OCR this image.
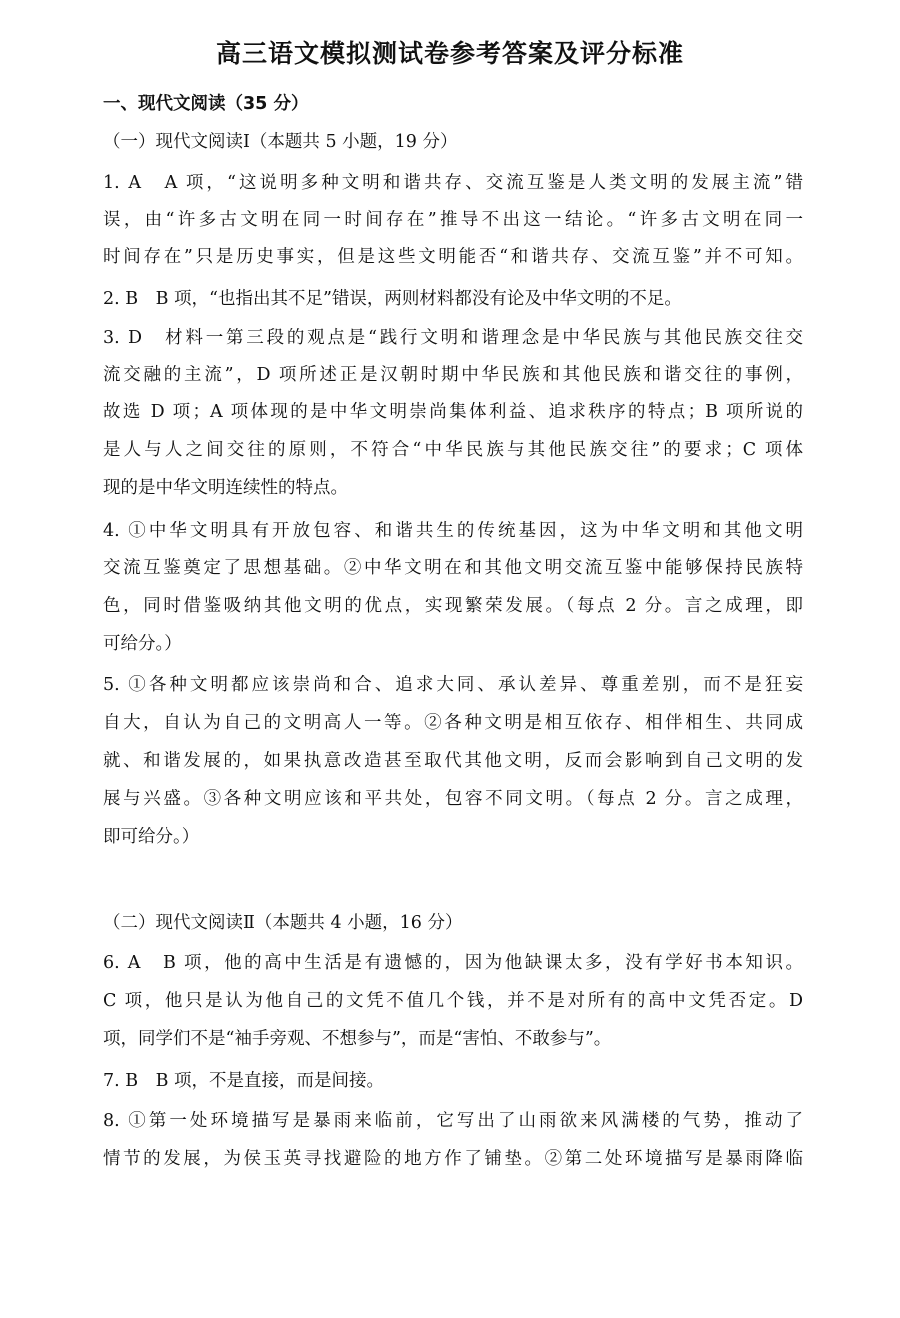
高三语文模拟测试卷参考答案及评分标准
一、现代文阅读（35 分）
（一）现代文阅读Ⅰ（本题共 5 小题，19 分）
1. A　A 项，“这说明多种文明和谐共存、交流互鉴是人类文明的发展主流”错
误，由“许多古文明在同一时间存在”推导不出这一结论。“许多古文明在同一
时间存在”只是历史事实，但是这些文明能否“和谐共存、交流互鉴”并不可知。
2. B　B 项，“也指出其不足”错误，两则材料都没有论及中华文明的不足。
3. D　材料一第三段的观点是“践行文明和谐理念是中华民族与其他民族交往交
流交融的主流”，D 项所述正是汉朝时期中华民族和其他民族和谐交往的事例，
故选 D 项；A 项体现的是中华文明崇尚集体利益、追求秩序的特点；B 项所说的
是人与人之间交往的原则，不符合“中华民族与其他民族交往”的要求；C 项体
现的是中华文明连续性的特点。
4. ①中华文明具有开放包容、和谐共生的传统基因，这为中华文明和其他文明
交流互鉴奠定了思想基础。②中华文明在和其他文明交流互鉴中能够保持民族特
色，同时借鉴吸纳其他文明的优点，实现繁荣发展。（每点 2 分。言之成理，即
可给分。）
5. ①各种文明都应该崇尚和合、追求大同、承认差异、尊重差别，而不是狂妄
自大，自认为自己的文明高人一等。②各种文明是相互依存、相伴相生、共同成
就、和谐发展的，如果执意改造甚至取代其他文明，反而会影响到自己文明的发
展与兴盛。③各种文明应该和平共处，包容不同文明。（每点 2 分。言之成理，
即可给分。）
（二）现代文阅读Ⅱ（本题共 4 小题，16 分）
6. A　B 项，他的高中生活是有遗憾的，因为他缺课太多，没有学好书本知识。
C 项，他只是认为他自己的文凭不值几个钱，并不是对所有的高中文凭否定。D
项，同学们不是“袖手旁观、不想参与”，而是“害怕、不敢参与”。
7. B　B 项，不是直接，而是间接。
8. ①第一处环境描写是暴雨来临前，它写出了山雨欲来风满楼的气势，推动了
情节的发展，为侯玉英寻找避险的地方作了铺垫。②第二处环境描写是暴雨降临
